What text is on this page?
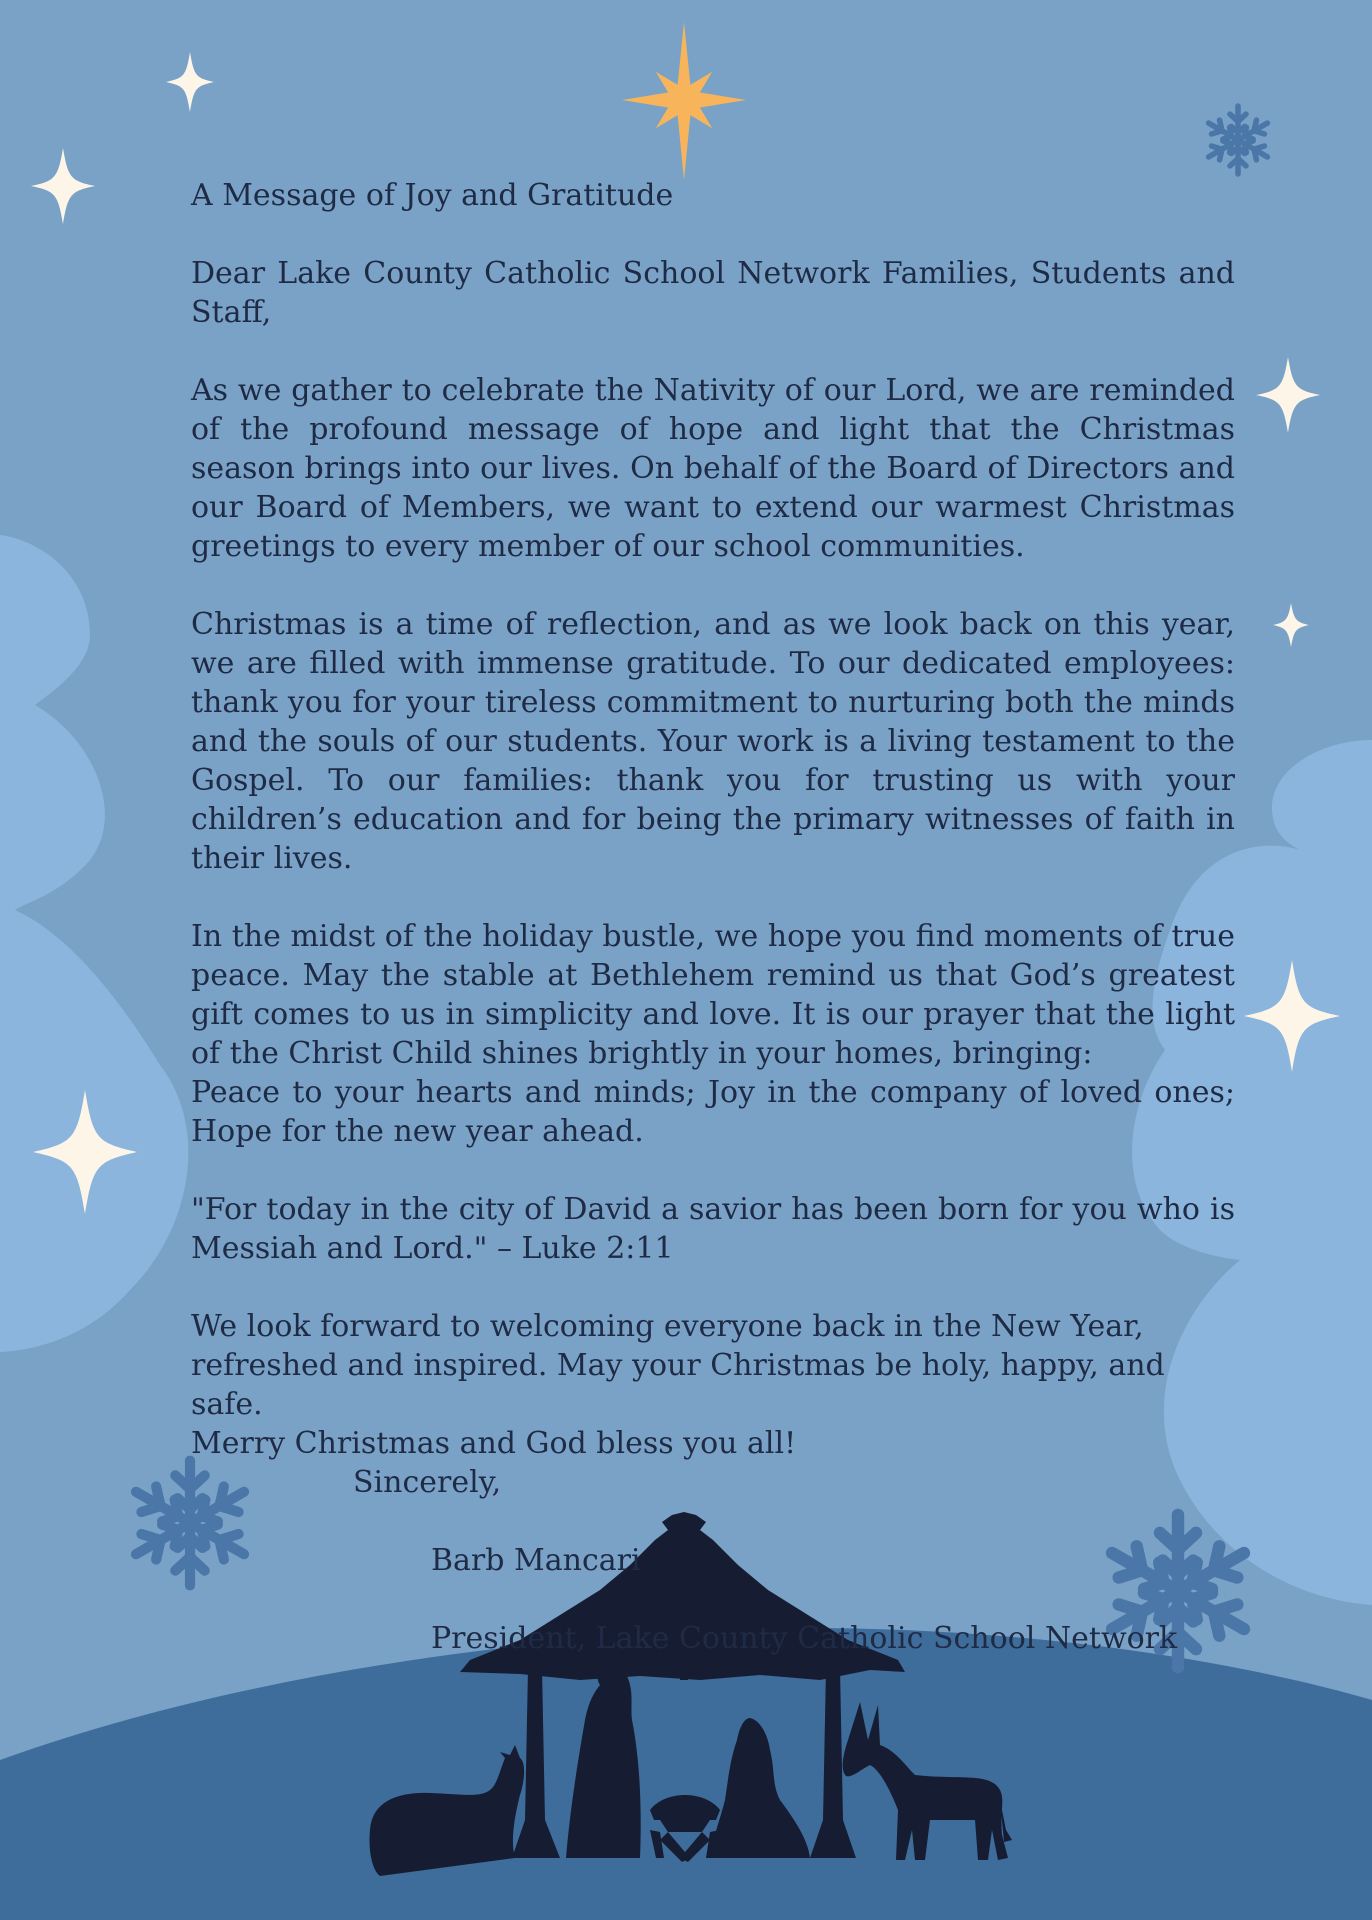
A Message of Joy and Gratitude

Dear Lake County Catholic School Network Families, Students and Staff,

As we gather to celebrate the Nativity of our Lord, we are reminded of the profound message of hope and light that the Christmas season brings into our lives. On behalf of the Board of Directors and our Board of Members, we want to extend our warmest Christmas greetings to every member of our school communities.

Christmas is a time of reflection, and as we look back on this year, we are filled with immense gratitude. To our dedicated employees: thank you for your tireless commitment to nurturing both the minds and the souls of our students. Your work is a living testament to the Gospel. To our families: thank you for trusting us with your children’s education and for being the primary witnesses of faith in their lives.

In the midst of the holiday bustle, we hope you find moments of true peace. May the stable at Bethlehem remind us that God’s greatest gift comes to us in simplicity and love. It is our prayer that the light of the Christ Child shines brightly in your homes, bringing:
Peace to your hearts and minds; Joy in the company of loved ones; Hope for the new year ahead.

"For today in the city of David a savior has been born for you who is Messiah and Lord." – Luke 2:11

We look forward to welcoming everyone back in the New Year, refreshed and inspired. May your Christmas be holy, happy, and safe.
Merry Christmas and God bless you all!

Sincerely,

Barb Mancari

President, Lake County Catholic School Network
